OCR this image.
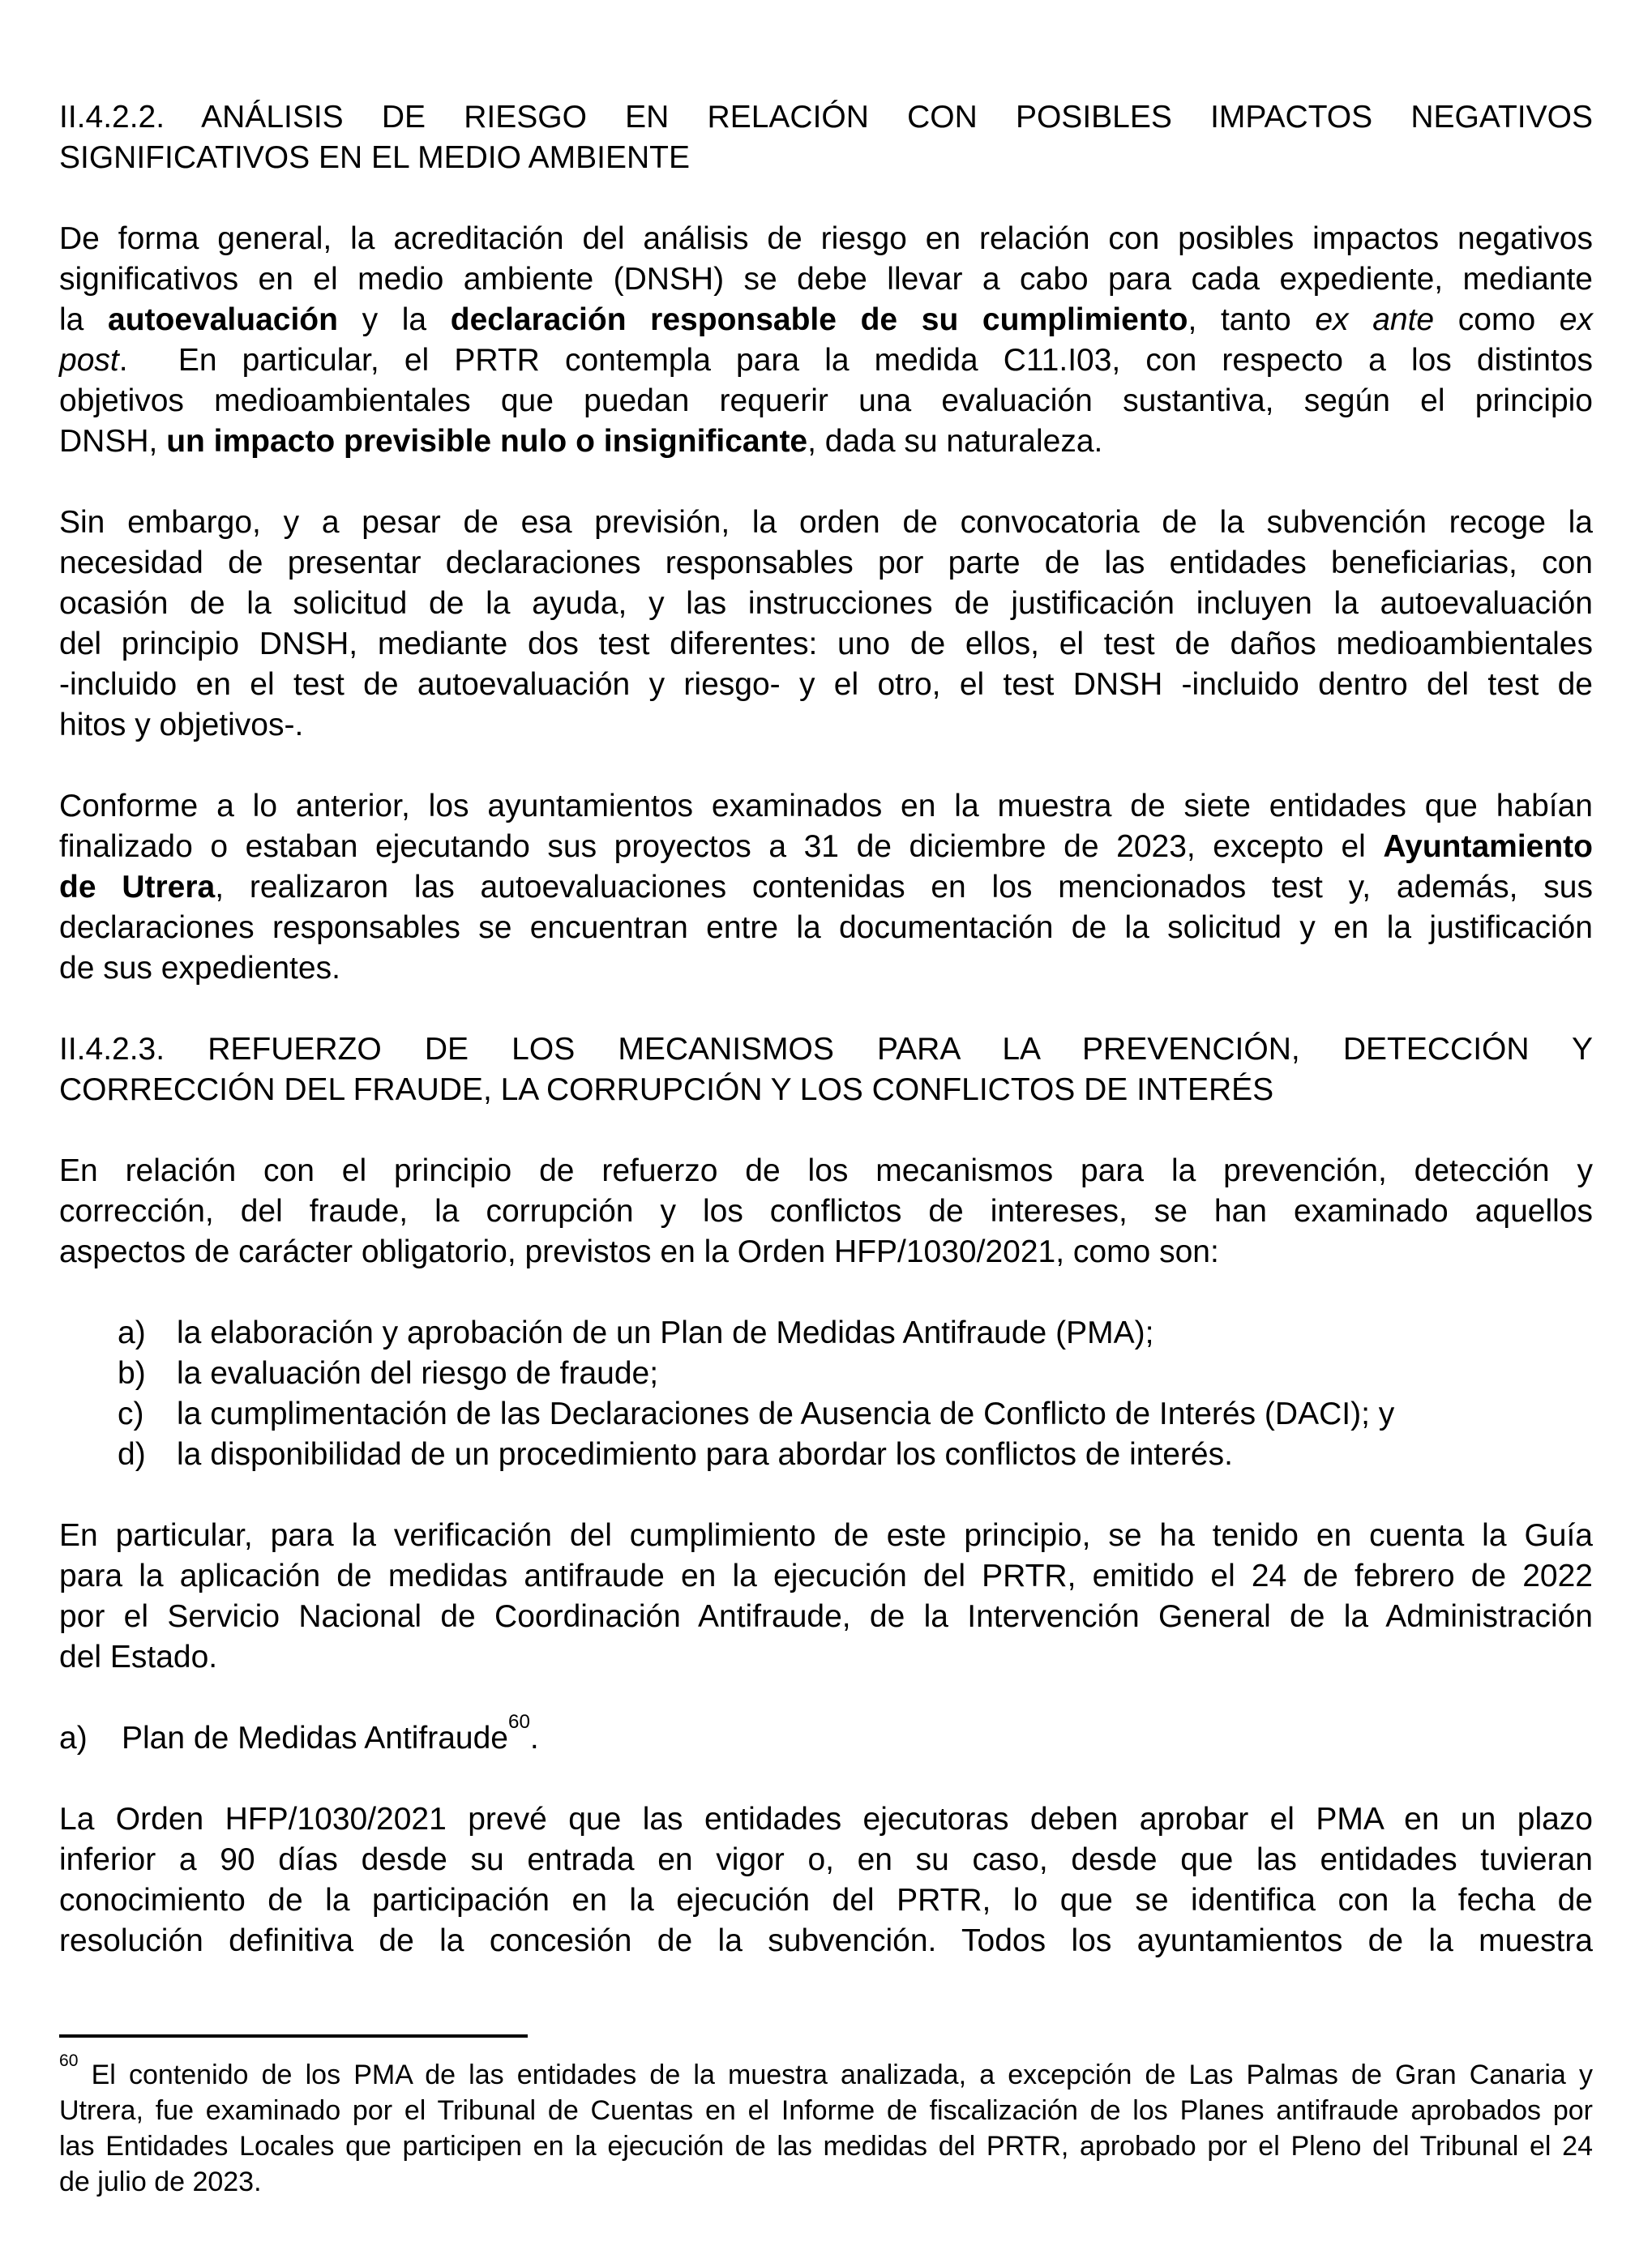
II.4.2.2. ANÁLISIS DE RIESGO EN RELACIÓN CON POSIBLES IMPACTOS NEGATIVOS
SIGNIFICATIVOS EN EL MEDIO AMBIENTE
De forma general, la acreditación del análisis de riesgo en relación con posibles impactos negativos
significativos en el medio ambiente (DNSH) se debe llevar a cabo para cada expediente, mediante
la autoevaluación y la declaración responsable de su cumplimiento, tanto ex ante como ex
post.  En particular, el PRTR contempla para la medida C11.I03, con respecto a los distintos
objetivos medioambientales que puedan requerir una evaluación sustantiva, según el principio
DNSH, un impacto previsible nulo o insignificante, dada su naturaleza.
Sin embargo, y a pesar de esa previsión, la orden de convocatoria de la subvención recoge la
necesidad de presentar declaraciones responsables por parte de las entidades beneficiarias, con
ocasión de la solicitud de la ayuda, y las instrucciones de justificación incluyen la autoevaluación
del principio DNSH, mediante dos test diferentes: uno de ellos, el test de daños medioambientales
-incluido en el test de autoevaluación y riesgo- y el otro, el test DNSH -incluido dentro del test de
hitos y objetivos-.
Conforme a lo anterior, los ayuntamientos examinados en la muestra de siete entidades que habían
finalizado o estaban ejecutando sus proyectos a 31 de diciembre de 2023, excepto el Ayuntamiento
de Utrera, realizaron las autoevaluaciones contenidas en los mencionados test y, además, sus
declaraciones responsables se encuentran entre la documentación de la solicitud y en la justificación
de sus expedientes.
II.4.2.3. REFUERZO DE LOS MECANISMOS PARA LA PREVENCIÓN, DETECCIÓN Y
CORRECCIÓN DEL FRAUDE, LA CORRUPCIÓN Y LOS CONFLICTOS DE INTERÉS
En relación con el principio de refuerzo de los mecanismos para la prevención, detección y
corrección, del fraude, la corrupción y los conflictos de intereses, se han examinado aquellos
aspectos de carácter obligatorio, previstos en la Orden HFP/1030/2021, como son:
a) la elaboración y aprobación de un Plan de Medidas Antifraude (PMA);
b) la evaluación del riesgo de fraude;
c)	la cumplimentación de las Declaraciones de Ausencia de Conflicto de Interés (DACI); y
d) la disponibilidad de un procedimiento para abordar los conflictos de interés.
En particular, para la verificación del cumplimiento de este principio, se ha tenido en cuenta la Guía
para la aplicación de medidas antifraude en la ejecución del PRTR, emitido el 24 de febrero de 2022
por el Servicio Nacional de Coordinación Antifraude, de la Intervención General de la Administración
del Estado.
a)	Plan de Medidas Antifraude$^{60}$.
La Orden HFP/1030/2021 prevé que las entidades ejecutoras deben aprobar el PMA en un plazo
inferior a 90 días desde su entrada en vigor o, en su caso, desde que las entidades tuvieran
conocimiento de la participación en la ejecución del PRTR, lo que se identifica con la fecha de
resolución definitiva de la concesión de la subvención. Todos los ayuntamientos de la muestra
$^{60}$ El contenido de los PMA de las entidades de la muestra analizada, a excepción de Las Palmas de Gran Canaria y
Utrera, fue examinado por el Tribunal de Cuentas en el Informe de fiscalización de los Planes antifraude aprobados por
las Entidades Locales que participen en la ejecución de las medidas del PRTR, aprobado por el Pleno del Tribunal el 24
de julio de 2023.
